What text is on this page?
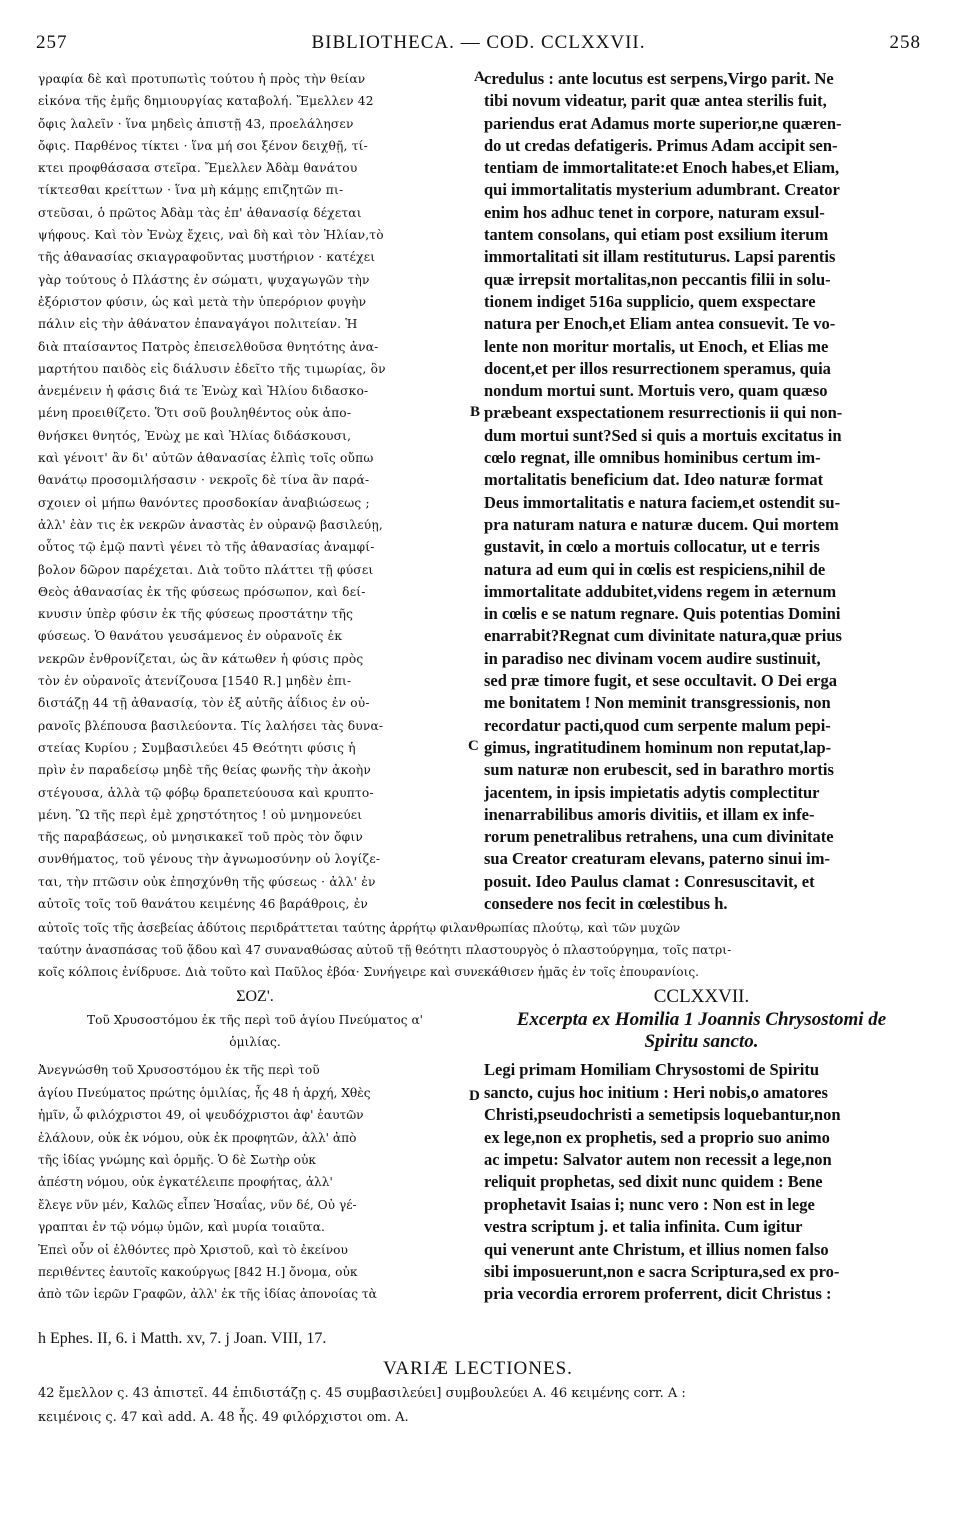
257	BIBLIOTHECA. — COD. CCLXXVII.	258
γραφία δὲ καὶ προτυπωτὶς τούτου ἡ πρὸς τὴν θείαν
εἰκόνα τῆς ἐμῆς δημιουργίας καταβολή. Ἔμελλεν 42
ὄφις λαλεῖν · ἵνα μηδεὶς ἀπιστῇ 43, προελάλησεν
ὄφις. Παρθένος τίκτει · ἵνα μή σοι ξένον δειχθῇ, τί-
κτει προφθάσασα στεῖρα. Ἔμελλεν Ἀδὰμ θανάτου
τίκτεσθαι κρείττων · ἵνα μὴ κάμῃς επιζητῶν πι-
στεῦσαι, ὁ πρῶτος Ἀδὰμ τὰς ἐπ' ἀθανασίᾳ δέχεται
ψήφους. Καὶ τὸν Ἐνὼχ ἔχεις, ναὶ δὴ καὶ τὸν Ἠλίαν,τὸ
τῆς ἀθανασίας σκιαγραφοῦντας μυστήριον · κατέχει
γὰρ τούτους ὁ Πλάστης ἐν σώματι, ψυχαγωγῶν τὴν
ἐξόριστον φύσιν, ὡς καὶ μετὰ τὴν ὑπερόριον φυγὴν
πάλιν εἰς τὴν ἀθάνατον ἐπαναγάγοι πολιτείαν. Ἡ
διὰ πταίσαντος Πατρὸς ἐπεισελθοῦσα θνητότης ἀνα-
μαρτήτου παιδὸς εἰς διάλυσιν ἐδεῖτο τῆς τιμωρίας, ὃν
ἀνεμένειν ἡ φάσις διά τε Ἐνὼχ καὶ Ἠλίου διδασκο-
μένη προειθίζετο. Ὅτι σοῦ βουληθέντος οὐκ ἀπο-
θνήσκει θνητός, Ἐνὼχ με καὶ Ἠλίας διδάσκουσι,
καὶ γένοιτ' ἂν δι' αὐτῶν ἀθανασίας ἐλπὶς τοῖς οὔπω
θανάτῳ προσομιλήσασιν · νεκροῖς δὲ τίνα ἂν παρά-
σχοιεν οἱ μήπω θανόντες προσδοκίαν ἀναβιώσεως ;
ἀλλ' ἐὰν τις ἐκ νεκρῶν ἀναστὰς ἐν οὐρανῷ βασιλεύῃ,
οὗτος τῷ ἐμῷ παντὶ γένει τὸ τῆς ἀθανασίας ἀναμφί-
βολον δῶρον παρέχεται. Διὰ τοῦτο πλάττει τῇ φύσει
Θεὸς ἀθανασίας ἐκ τῆς φύσεως πρόσωπον, καὶ δεί-
κνυσιν ὑπὲρ φύσιν ἐκ τῆς φύσεως προστάτην τῆς
φύσεως. Ὁ θανάτου γευσάμενος ἐν οὐρανοῖς ἐκ
νεκρῶν ἐνθρονίζεται, ὡς ἂν κάτωθεν ἡ φύσις πρὸς
τὸν ἐν οὐρανοῖς ἀτενίζουσα [1540 R.] μηδὲν ἐπι-
διστάζῃ 44 τῇ ἀθανασίᾳ, τὸν ἐξ αὐτῆς ἀΐδιος ἐν οὐ-
ρανοῖς βλέπουσα βασιλεύοντα. Τίς λαλήσει τὰς δυνα-
στείας Κυρίου ; Συμβασιλεύει 45 Θεότητι φύσις ἡ
πρὶν ἐν παραδείσῳ μηδὲ τῆς θείας φωνῆς τὴν ἀκοὴν
στέγουσα, ἀλλὰ τῷ φόβῳ δραπετεύουσα καὶ κρυπτο-
μένη. Ὢ τῆς περὶ ἐμὲ χρηστότητος ! οὐ μνημονεύει
τῆς παραβάσεως, οὐ μνησικακεῖ τοῦ πρὸς τὸν ὄφιν
συνθήματος, τοῦ γένους τὴν ἀγνωμοσύνην οὐ λογίζε-
ται, τὴν πτῶσιν οὐκ ἐπησχύνθη τῆς φύσεως · ἀλλ' ἐν
αὐτοῖς τοῖς τοῦ θανάτου κειμένης 46 βαράθροις, ἐν
credulus : ante locutus est serpens,Virgo parit. Ne
tibi novum videatur, parit quæ antea sterilis fuit,
pariendus erat Adamus morte superior,ne quæren-
do ut credas defatigeris. Primus Adam accipit sen-
tentiam de immortalitate:et Enoch habes,et Eliam,
qui immortalitatis mysterium adumbrant. Creator
enim hos adhuc tenet in corpore, naturam exsul-
tantem consolans, qui etiam post exsilium iterum
immortalitati sit illam restituturus. Lapsi parentis
quæ irrepsit mortalitas,non peccantis filii in solu-
tionem indiget 516a supplicio, quem exspectare
natura per Enoch,et Eliam antea consuevit. Te vo-
lente non moritur mortalis, ut Enoch, et Elias me
docent,et per illos resurrectionem speramus, quia
nondum mortui sunt. Mortuis vero, quam quæso
præbeant exspectationem resurrectionis ii qui non-
dum mortui sunt?Sed si quis a mortuis excitatus in
cœlo regnat, ille omnibus hominibus certum im-
mortalitatis beneficium dat. Ideo naturæ format
Deus immortalitatis e natura faciem,et ostendit su-
pra naturam natura e naturæ ducem. Qui mortem
gustavit, in cœlo a mortuis collocatur, ut e terris
natura ad eum qui in cœlis est respiciens,nihil de
immortalitate addubitet,videns regem in æternum
in cœlis e se natum regnare. Quis potentias Domini
enarrabit?Regnat cum divinitate natura,quæ prius
in paradiso nec divinam vocem audire sustinuit,
sed præ timore fugit, et sese occultavit. O Dei erga
me bonitatem ! Non meminit transgressionis, non
recordatur pacti,quod cum serpente malum pepi-
gimus, ingratitudinem hominum non reputat,lap-
sum naturæ non erubescit, sed in barathro mortis
jacentem, in ipsis impietatis adytis complectitur
inenarrabilibus amoris divitiis, et illam ex infe-
rorum penetralibus retrahens, una cum divinitate
sua Creator creaturam elevans, paterno sinui im-
posuit. Ideo Paulus clamat : Conresuscitavit, et
consedere nos fecit in cœlestibus h.
A
B
C
D
αὐτοῖς τοῖς τῆς ἀσεβείας ἀδύτοις περιδράττεται ταύτης ἀρρήτῳ φιλανθρωπίας πλούτῳ, καὶ τῶν μυχῶν
ταύτην ἀνασπάσας τοῦ ᾅδου καὶ 47 συναναθώσας αὐτοῦ τῇ θεότητι πλαστουργὸς ὁ πλαστούργημα, τοῖς πατρι-
κοῖς κόλποις ἐνίδρυσε. Διὰ τοῦτο καὶ Παῦλος ἐβόα· Συνήγειρε καὶ συνεκάθισεν ἡμᾶς ἐν τοῖς ἐπουρανίοις.
ΣΟΖ'.
Τοῦ Χρυσοστόμου ἐκ τῆς περὶ τοῦ ἁγίου Πνεύματος α'
ὁμιλίας.
CCLXXVII.
Excerpta ex Homilia 1 Joannis Chrysostomi de
Spiritu sancto.
Ἀνεγνώσθη τοῦ Χρυσοστόμου ἐκ τῆς περὶ τοῦ
ἁγίου Πνεύματος πρώτης ὁμιλίας, ἧς 48 ἡ ἀρχή, Χθὲς
ἡμῖν, ὦ φιλόχριστοι 49, οἱ ψευδόχριστοι ἀφ' ἑαυτῶν
ἐλάλουν, οὐκ ἐκ νόμου, οὐκ ἐκ προφητῶν, ἀλλ' ἀπὸ
τῆς ἰδίας γνώμης καὶ ὁρμῆς. Ὁ δὲ Σωτὴρ οὐκ
ἀπέστη νόμου, οὐκ ἐγκατέλειπε προφήτας, ἀλλ'
ἔλεγε νῦν μέν, Καλῶς εἶπεν Ἡσαΐας, νῦν δέ, Οὐ γέ-
γραπται ἐν τῷ νόμῳ ὑμῶν, καὶ μυρία τοιαῦτα.
Ἐπεὶ οὖν οἱ ἐλθόντες πρὸ Χριστοῦ, καὶ τὸ ἐκείνου
περιθέντες ἑαυτοῖς κακούργως [842 H.] ὄνομα, οὐκ
ἀπὸ τῶν ἱερῶν Γραφῶν, ἀλλ' ἐκ τῆς ἰδίας ἀπονοίας τὰ
Legi primam Homiliam Chrysostomi de Spiritu
sancto, cujus hoc initium : Heri nobis,o amatores
Christi,pseudochristi a semetipsis loquebantur,non
ex lege,non ex prophetis, sed a proprio suo animo
ac impetu: Salvator autem non recessit a lege,non
reliquit prophetas, sed dixit nunc quidem : Bene
prophetavit Isaias i; nunc vero : Non est in lege
vestra scriptum j. et talia infinita. Cum igitur
qui venerunt ante Christum, et illius nomen falso
sibi imposuerunt,non e sacra Scriptura,sed ex pro-
pria vecordia errorem proferrent, dicit Christus :
h Ephes. II, 6. i Matth. xv, 7. j Joan. VIII, 17.
VARIÆ LECTIONES.
42 ἔμελλον ς. 43 ἀπιστεῖ. 44 ἐπιδιστάζῃ ς. 45 συμβασιλεύει] συμβουλεύει A. 46 κειμένης corr. A :
κειμένοις ς. 47 καὶ add. A. 48 ἧς. 49 φιλόρχιστοι om. A.
